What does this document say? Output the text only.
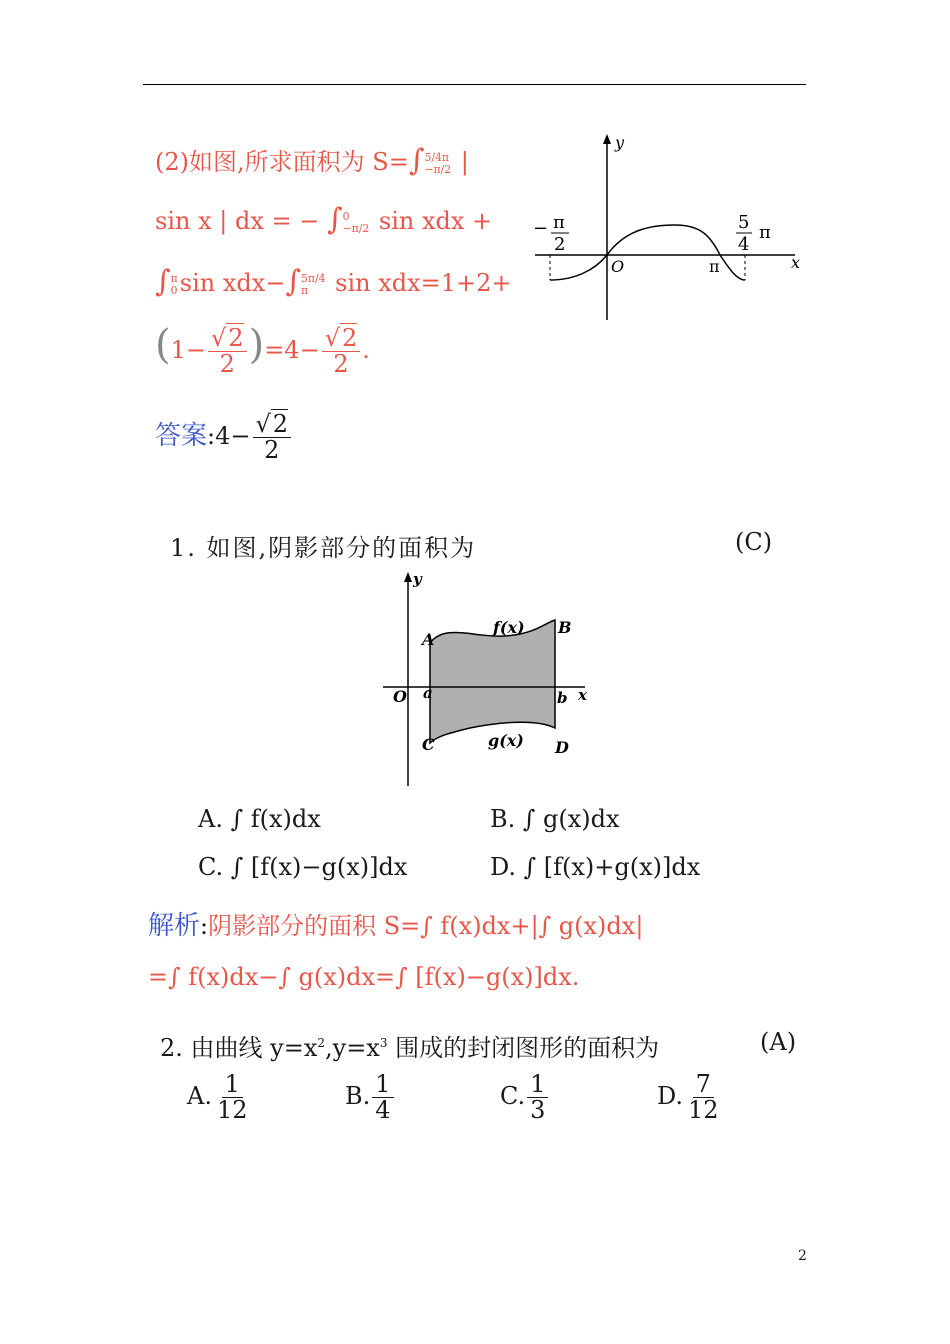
(2)如图,所求面积为 S=∫ 5/4π
−π/2 |
sin x | dx = − ∫ 0
−π/2 sin xdx +
∫ π
0 sin xdx−∫ 5π/4
π sin xdx=1+2+
$(1- \frac{√2}{2} )=4- \frac{√2}{2}$ .
答案:4− $\frac{√2}{2}$
y
x
O
− π
2
5
4
π
π
1. 如图,阴影部分的面积为	(C)
y
x
O
A
B
C	D
a	b
f(x)
g(x)
A. ∫ f(x)dx	B. ∫ g(x)dx
C. ∫ [f(x)−g(x)]dx	D. ∫ [f(x)+g(x)]dx
解析:阴影部分的面积 S=∫ f(x)dx+|∫ g(x)dx|
=∫ f(x)dx−∫ g(x)dx=∫ [f(x)−g(x)]dx.
2. 由曲线 $y=x^2,y=x^3$ 围成的封闭图形的面积为	(A)
A. $\frac{1}{12}$	B. $\frac{1}{4}$	C. $\frac{1}{3}$	D. $\frac{7}{12}$
2
